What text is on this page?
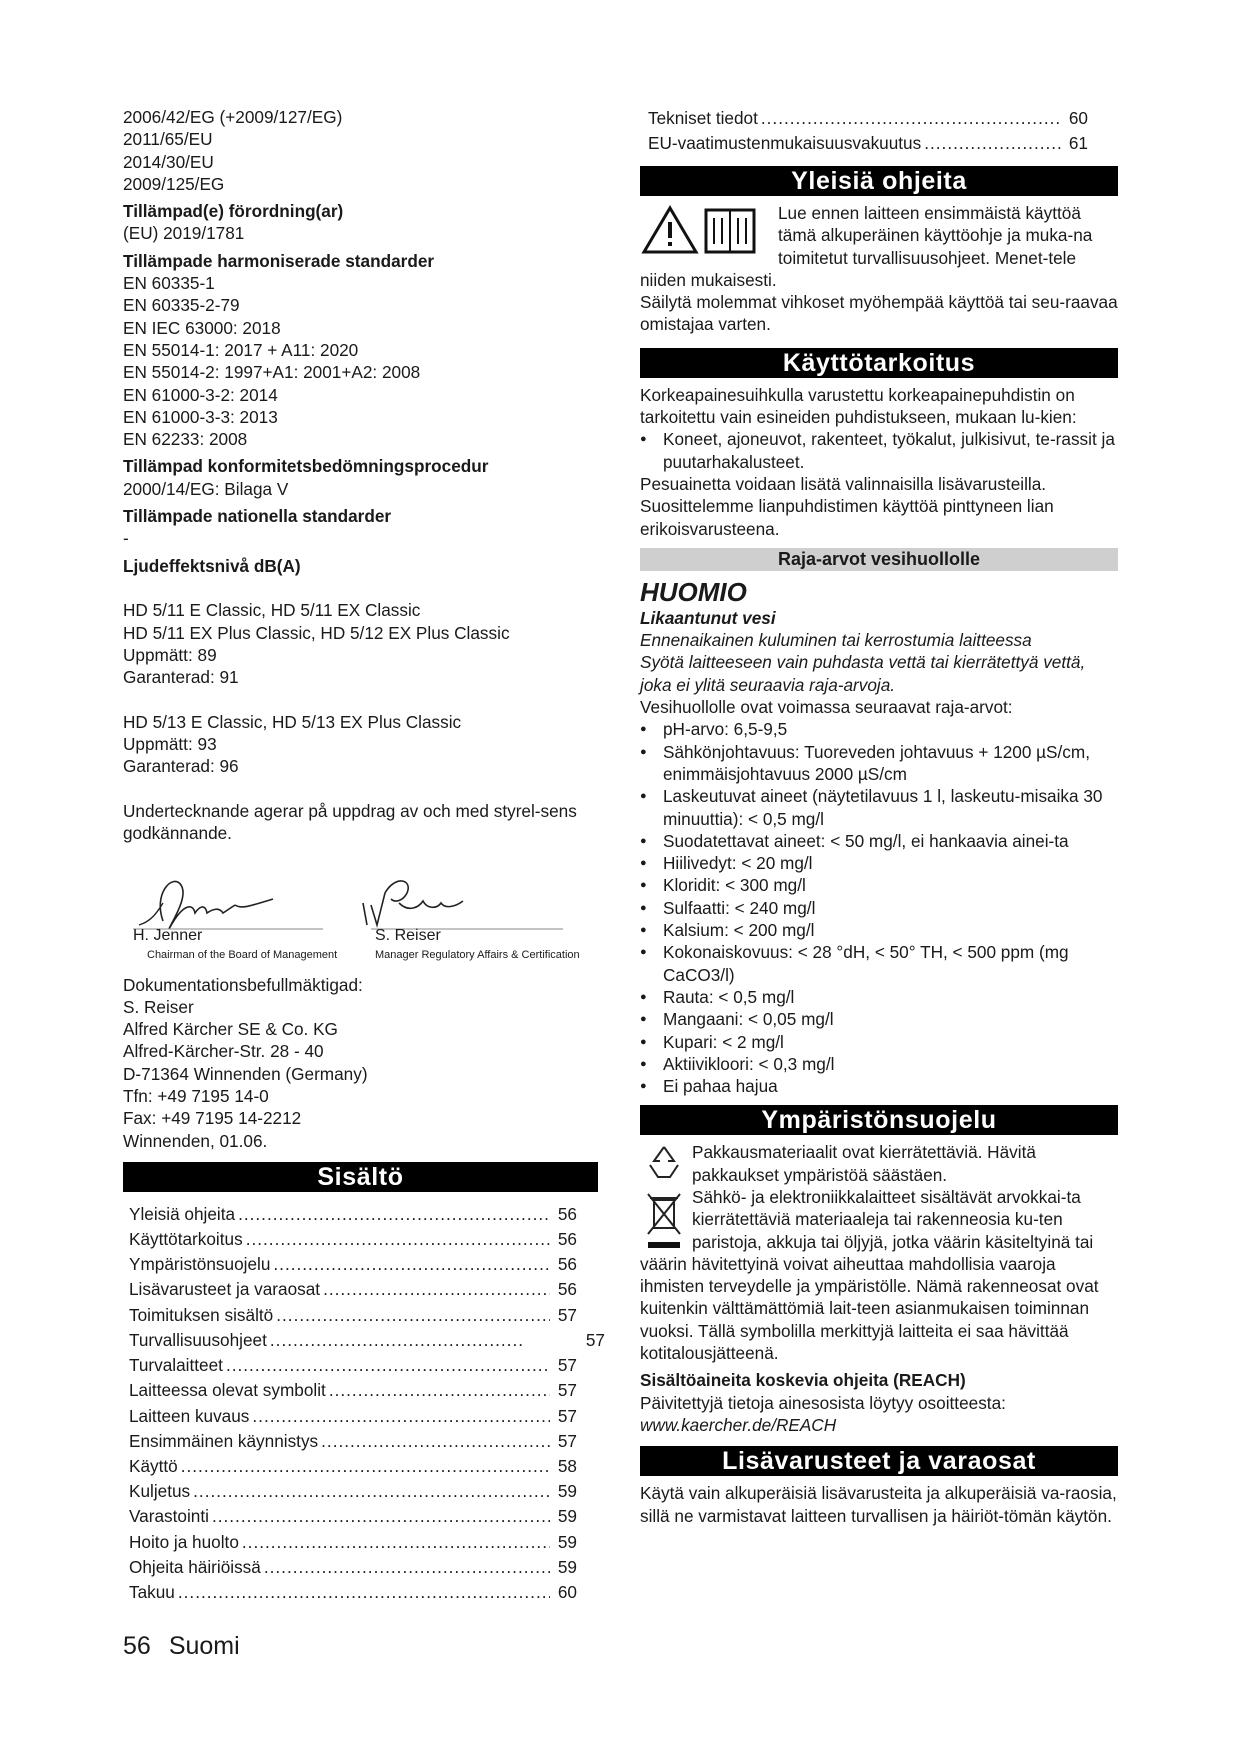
2006/42/EG (+2009/127/EG)
2011/65/EU
2014/30/EU
2009/125/EG
Tillämpad(e) förordning(ar)
(EU) 2019/1781
Tillämpade harmoniserade standarder
EN 60335-1
EN 60335-2-79
EN IEC 63000: 2018
EN 55014-1: 2017 + A11: 2020
EN 55014-2: 1997+A1: 2001+A2: 2008
EN 61000-3-2: 2014
EN 61000-3-3: 2013
EN 62233: 2008
Tillämpad konformitetsbedömningsprocedur
2000/14/EG: Bilaga V
Tillämpade nationella standarder
-
Ljudeffektsnivå dB(A)
HD 5/11 E Classic, HD 5/11 EX Classic
HD 5/11 EX Plus Classic, HD 5/12 EX Plus Classic
Uppmätt: 89
Garanterad: 91
HD 5/13 E Classic, HD 5/13 EX Plus Classic
Uppmätt: 93
Garanterad: 96
Undertecknande agerar på uppdrag av och med styrel-sens godkännande.
H. Jenner
Chairman of the Board of Management
S. Reiser
Manager Regulatory Affairs & Certification
Dokumentationsbefullmäktigad:
S. Reiser
Alfred Kärcher SE & Co. KG
Alfred-Kärcher-Str. 28 - 40
D-71364 Winnenden (Germany)
Tfn: +49 7195 14-0
Fax: +49 7195 14-2212
Winnenden, 01.06.
Sisältö
Yleisiä ohjeita .....	56
Käyttötarkoitus .....	56
Ympäristönsuojelu .....	56
Lisävarusteet ja varaosat .....	56
Toimituksen sisältö .....	57
Turvallisuusohjeet .....	57
Turvalaitteet .....	57
Laitteessa olevat symbolit .....	57
Laitteen kuvaus .....	57
Ensimmäinen käynnistys .....	57
Käyttö .....	58
Kuljetus .....	59
Varastointi .....	59
Hoito ja huolto .....	59
Ohjeita häiriöissä .....	59
Takuu .....	60
Tekniset tiedot .....	60
EU-vaatimustenmukaisuusvakuutus .....	61
Yleisiä ohjeita
Lue ennen laitteen ensimmäistä käyttöä tämä alkuperäinen käyttöohje ja muka-na toimitetut turvallisuusohjeet. Menet-tele niiden mukaisesti.
Säilytä molemmat vihkoset myöhempää käyttöä tai seu-raavaa omistajaa varten.
Käyttötarkoitus
Korkeapainesuihkulla varustettu korkeapainepuhdistin on tarkoitettu vain esineiden puhdistukseen, mukaan lu-kien:
● Koneet, ajoneuvot, rakenteet, työkalut, julkisivut, te-rassit ja puutarhakalusteet.
Pesuainetta voidaan lisätä valinnaisilla lisävarusteilla. Suosittelemme lianpuhdistimen käyttöä pinttyneen lian erikoisvarusteena.
Raja-arvot vesihuollolle
HUOMIO
Likaantunut vesi
Ennenaikainen kuluminen tai kerrostumia laitteessa
Syötä laitteeseen vain puhdasta vettä tai kierrätettyä vettä, joka ei ylitä seuraavia raja-arvoja.
Vesihuollolle ovat voimassa seuraavat raja-arvot:
● pH-arvo: 6,5-9,5
● Sähkönjohtavuus: Tuoreveden johtavuus + 1200 µS/cm, enimmäisjohtavuus 2000 µS/cm
● Laskeutuvat aineet (näytetilavuus 1 l, laskeutu-misaika 30 minuuttia): < 0,5 mg/l
● Suodatettavat aineet: < 50 mg/l, ei hankaavia ainei-ta
● Hiilivedyt: < 20 mg/l
● Kloridit: < 300 mg/l
● Sulfaatti: < 240 mg/l
● Kalsium: < 200 mg/l
● Kokonaiskovuus: < 28 °dH, < 50° TH, < 500 ppm (mg CaCO3/l)
● Rauta: < 0,5 mg/l
● Mangaani: < 0,05 mg/l
● Kupari: < 2 mg/l
● Aktiivikloori: < 0,3 mg/l
● Ei pahaa hajua
Ympäristönsuojelu
Pakkausmateriaalit ovat kierrätettäviä. Hävitä pakkaukset ympäristöä säästäen.
Sähkö- ja elektroniikkalaitteet sisältävät arvokkai-ta kierrätettäviä materiaaleja tai rakenneosia ku-ten paristoja, akkuja tai öljyjä, jotka väärin käsiteltyinä tai väärin hävitettyinä voivat aiheuttaa mahdollisia vaaroja ihmisten terveydelle ja ympäristölle. Nämä rakenneosat ovat kuitenkin välttämättömiä lait-teen asianmukaisen toiminnan vuoksi. Tällä symbolilla merkittyjä laitteita ei saa hävittää kotitalousjätteenä.
Sisältöaineita koskevia ohjeita (REACH)
Päivitettyjä tietoja ainesosista löytyy osoitteesta:
www.kaercher.de/REACH
Lisävarusteet ja varaosat
Käytä vain alkuperäisiä lisävarusteita ja alkuperäisiä va-raosia, sillä ne varmistavat laitteen turvallisen ja häiriöt-tömän käytön.
56 Suomi
